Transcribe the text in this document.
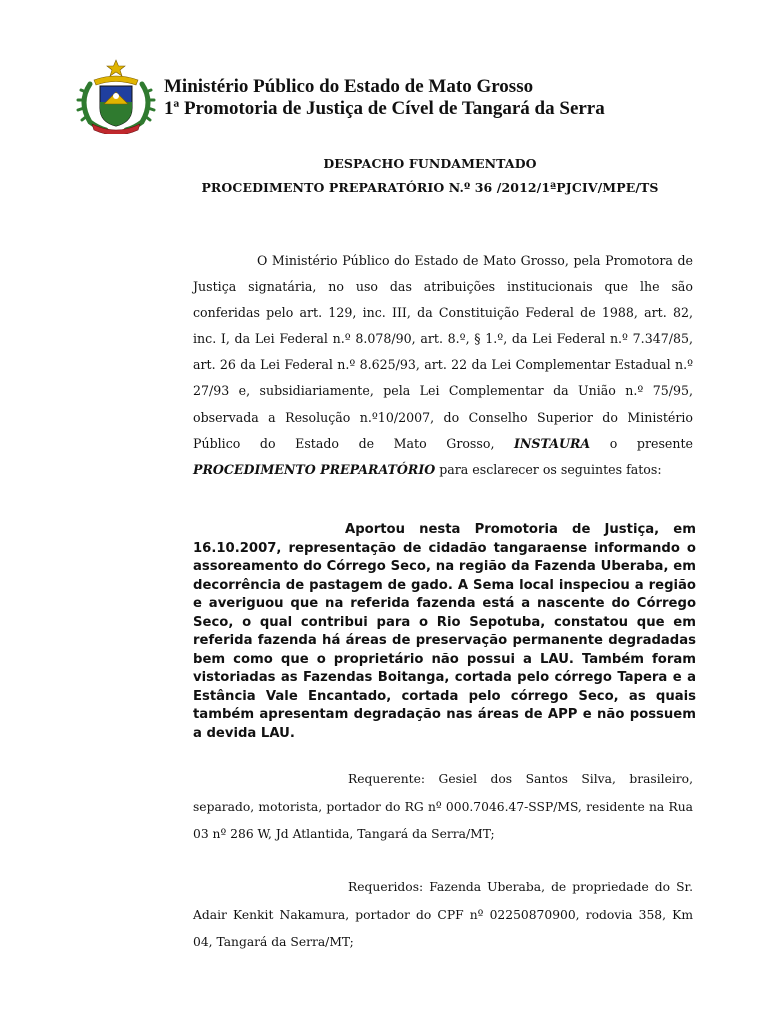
Ministério Público do Estado de Mato Grosso
1ª Promotoria de Justiça de Cível de Tangará da Serra
DESPACHO FUNDAMENTADO
PROCEDIMENTO PREPARATÓRIO N.º 36 /2012/1ªPJCIV/MPE/TS

O Ministério Público do Estado de Mato Grosso, pela Promotora de Justiça signatária, no uso das atribuições institucionais que lhe são conferidas pelo art. 129, inc. III, da Constituição Federal de 1988, art. 82, inc. I, da Lei Federal n.º 8.078/90, art. 8.º, § 1.º, da Lei Federal n.º 7.347/85, art. 26 da Lei Federal n.º 8.625/93, art. 22 da Lei Complementar Estadual n.º 27/93 e, subsidiariamente, pela Lei Complementar da União n.º 75/95, observada a Resolução n.º10/2007, do Conselho Superior do Ministério Público do Estado de Mato Grosso, INSTAURA o presente PROCEDIMENTO PREPARATÓRIO para esclarecer os seguintes fatos:

Aportou nesta Promotoria de Justiça, em 16.10.2007, representação de cidadão tangaraense informando o assoreamento do Córrego Seco, na região da Fazenda Uberaba, em decorrência de pastagem de gado. A Sema local inspeciou a região e averiguou que na referida fazenda está a nascente do Córrego Seco, o qual contribui para o Rio Sepotuba, constatou que em referida fazenda há áreas de preservação permanente degradadas bem como que o proprietário não possui a LAU. Também foram vistoriadas as Fazendas Boitanga, cortada pelo córrego Tapera e a Estância Vale Encantado, cortada pelo córrego Seco, as quais também apresentam degradação nas áreas de APP e não possuem a devida LAU.

Requerente: Gesiel dos Santos Silva, brasileiro, separado, motorista, portador do RG nº 000.7046.47-SSP/MS, residente na Rua 03 nº 286 W, Jd Atlantida, Tangará da Serra/MT;

Requeridos: Fazenda Uberaba, de propriedade do Sr. Adair Kenkit Nakamura, portador do CPF nº 02250870900, rodovia 358, Km 04, Tangará da Serra/MT;
